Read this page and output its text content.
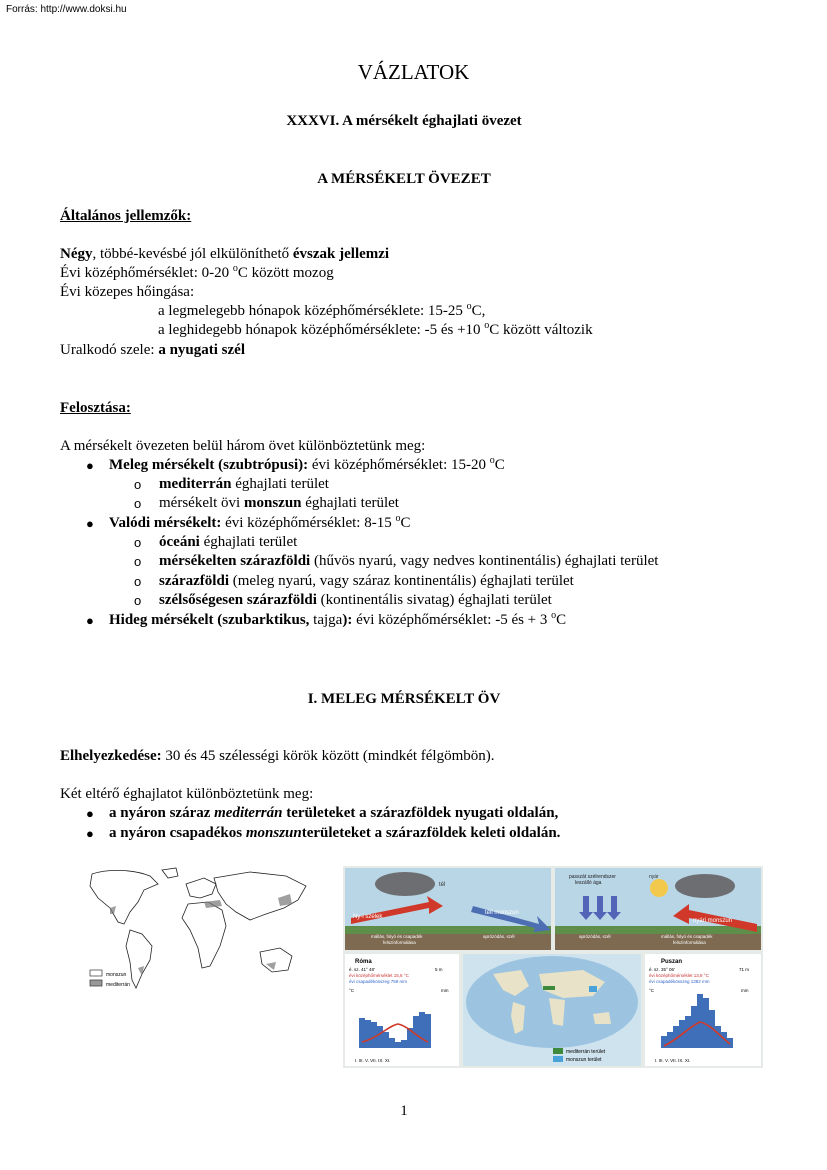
Forrás: http://www.doksi.hu
VÁZLATOK
XXXVI. A mérsékelt éghajlati övezet
A MÉRSÉKELT ÖVEZET
Általános jellemzők:
Négy, többé-kevésbé jól elkülöníthető évszak jellemzi
Évi középhőmérséklet: 0-20 $^o$C között mozog
Évi közepes hőingása:
a legmelegebb hónapok középhőmérséklete: 15-25 $^o$C,
a leghidegebb hónapok középhőmérséklete: -5 és +10 $^o$C között változik
Uralkodó szele: a nyugati szél
Felosztása:
A mérsékelt övezeten belül három övet különböztetünk meg:
● Meleg mérsékelt (szubtrópusi): évi középhőmérséklet: 15-20 $^o$C
o mediterrán éghajlati terület
o mérsékelt övi monszun éghajlati terület
● Valódi mérsékelt: évi középhőmérséklet: 8-15 $^o$C
o óceáni éghajlati terület
o mérsékelten szárazföldi (hűvös nyarú, vagy nedves kontinentális) éghajlati terület
o szárazföldi (meleg nyarú, vagy száraz kontinentális) éghajlati terület
o szélsőségesen szárazföldi (kontinentális sivatag) éghajlati terület
● Hideg mérsékelt (szubarktikus, tajga): évi középhőmérséklet: -5 és + 3 $^o$C
I. MELEG MÉRSÉKELT ÖV
Elhelyezkedése: 30 és 45 szélességi körök között (mindkét félgömbön).
Két eltérő éghajlatot különböztetünk meg:
● a nyáron száraz mediterrán területeket a szárazföldek nyugati oldalán,
● a nyáron csapadékos monszunterületeket a szárazföldek keleti oldalán.
monszun
mediterrán
tél
Ny-i szelek
téli monszun
mállás, folyó és csapadék
felszínformálása
aprózódás, szél
nyár
passzát szélrendszer
leszálló ága
nyári monszun
aprózódás, szél	mállás, folyó és csapadék
felszínformálása
Róma
é. sz. 41° 48'	5 m
évi középhőmérséklet 15,6 °C
évi csapadékösszeg 759 mm
°C	mm
I. III. V. VII. IX. XI.
mediterrán terület
monszun terület
Puszan
é. sz. 35° 06'	71 m
évi középhőmérséklet 13,8 °C
évi csapadékösszeg 1382 mm
°C	mm
I. III. V. VII. IX. XI.
1
